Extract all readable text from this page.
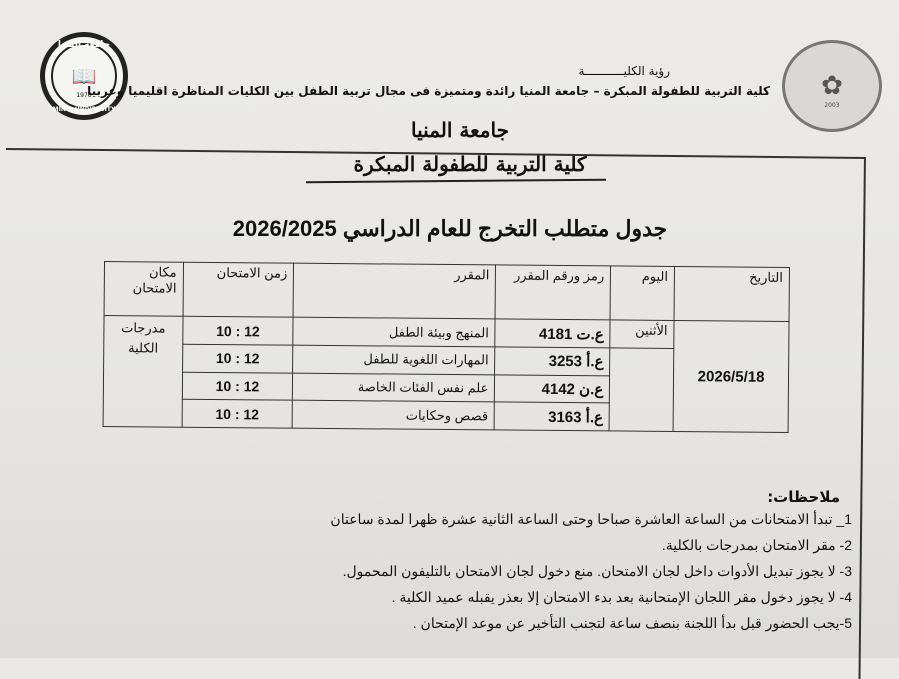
جامعة المنيا
📖
1976
MINIA UNIVERSITY
✿
2003
رؤية الكليـــــــــــة
كلية التربية للطفولة المبكرة – جامعة المنيا رائدة ومتميزة فى مجال تربية الطفل بين الكليات المناظرة اقليميا وعربيا
جامعة المنيا
كلية التربية للطفولة المبكرة
جدول متطلب التخرج للعام الدراسي 2026/2025
التاريخ	اليوم	رمز ورقم المقرر	المقرر	زمن الامتحان	مكان الامتحان
2026/5/18	الأثنين	ع.ت 4181	المنهج وبيئة الطفل	10 : 12	مدرجات الكلية
		ع.أ 3253	المهارات اللغوية للطفل	10 : 12	
		ع.ن 4142	علم نفس الفئات الخاصة	10 : 12	
		ع.أ 3163	قصص وحكايات	10 : 12	
ملاحظات:
1_ تبدأ الامتحانات من الساعة العاشرة صباحا وحتى الساعة الثانية عشرة ظهرا لمدة ساعتان
2- مقر الامتحان بمدرجات بالكلية.
3- لا يجوز تبديل الأدوات داخل لجان الامتحان. منع دخول لجان الامتحان بالتليفون المحمول.
4- لا يجوز دخول مقر اللجان الإمتحانية بعد بدء الامتحان إلا بعذر يقبله عميد الكلية .
5-يجب الحضور قبل بدأ اللجنة بنصف ساعة لتجنب التأخير عن موعد الإمتحان .
